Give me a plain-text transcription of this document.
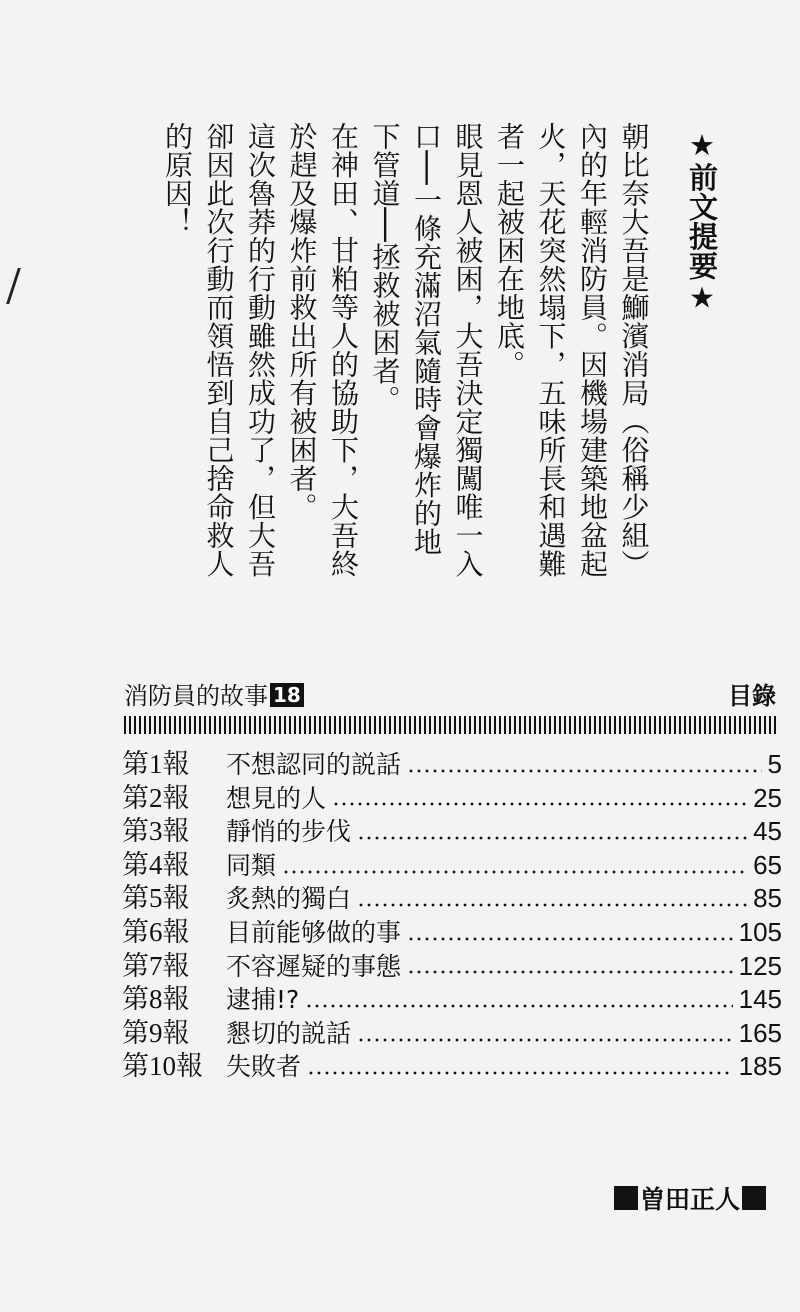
★前文提要★

朝比奈大吾是鰤濱消局︵俗稱少組︶內的年輕消防員。因機場建築地盆起火，天花突然塌下，五味所長和遇難者一起被困在地底。

眼見恩人被困，大吾決定獨闖唯一入口──一條充滿沼氣隨時會爆炸的地下管道──拯救被困者。

在神田、甘粕等人的協助下，大吾終於趕及爆炸前救出所有被困者。

這次魯莽的行動雖然成功了，但大吾卻因此次行動而領悟到自己捨命救人的原因！

消防員的故事 18	目錄
第1報	不想認同的説話	5
第2報	想見的人	25
第3報	靜悄的步伐	45
第4報	同類	65
第5報	炙熱的獨白	85
第6報	目前能够做的事	105
第7報	不容遲疑的事態	125
第8報	逮捕!?	145
第9報	懇切的説話	165
第10報 失敗者	185
曽田正人
